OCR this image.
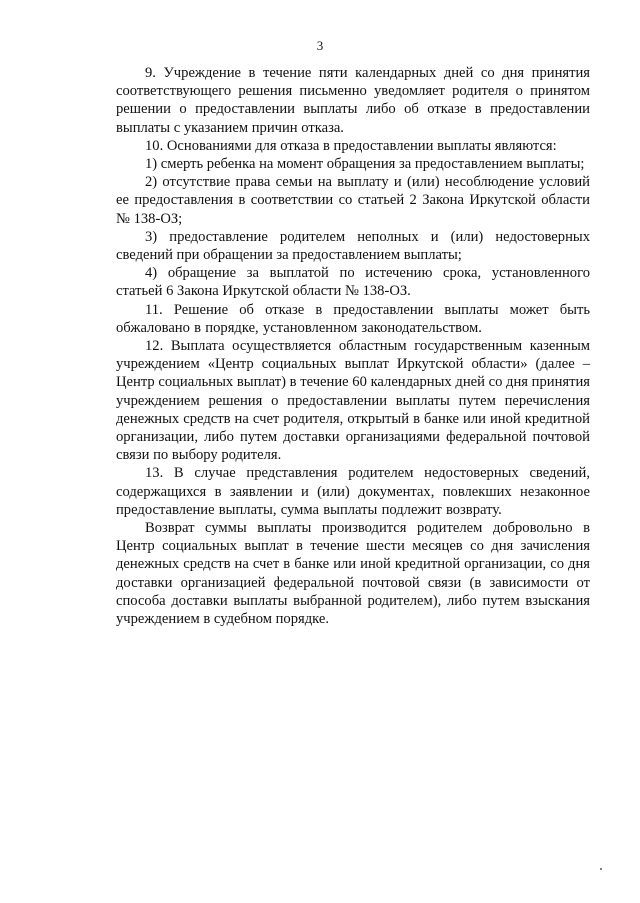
3

9. Учреждение в течение пяти календарных дней со дня принятия соответствующего решения письменно уведомляет родителя о принятом решении о предоставлении выплаты либо об отказе в предоставлении выплаты с указанием причин отказа.

10. Основаниями для отказа в предоставлении выплаты являются:

1) смерть ребенка на момент обращения за предоставлением выплаты;

2) отсутствие права семьи на выплату и (или) несоблюдение условий ее предоставления в соответствии со статьей 2 Закона Иркутской области № 138-ОЗ;

3) предоставление родителем неполных и (или) недостоверных сведений при обращении за предоставлением выплаты;

4) обращение за выплатой по истечению срока, установленного статьей 6 Закона Иркутской области № 138-ОЗ.

11. Решение об отказе в предоставлении выплаты может быть обжаловано в порядке, установленном законодательством.

12. Выплата осуществляется областным государственным казенным учреждением «Центр социальных выплат Иркутской области» (далее – Центр социальных выплат) в течение 60 календарных дней со дня принятия учреждением решения о предоставлении выплаты путем перечисления денежных средств на счет родителя, открытый в банке или иной кредитной организации, либо путем доставки организациями федеральной почтовой связи по выбору родителя.

13. В случае представления родителем недостоверных сведений, содержащихся в заявлении и (или) документах, повлекших незаконное предоставление выплаты, сумма выплаты подлежит возврату.

Возврат суммы выплаты производится родителем добровольно в Центр социальных выплат в течение шести месяцев со дня зачисления денежных средств на счет в банке или иной кредитной организации, со дня доставки организацией федеральной почтовой связи (в зависимости от способа доставки выплаты выбранной родителем), либо путем взыскания учреждением в судебном порядке.
